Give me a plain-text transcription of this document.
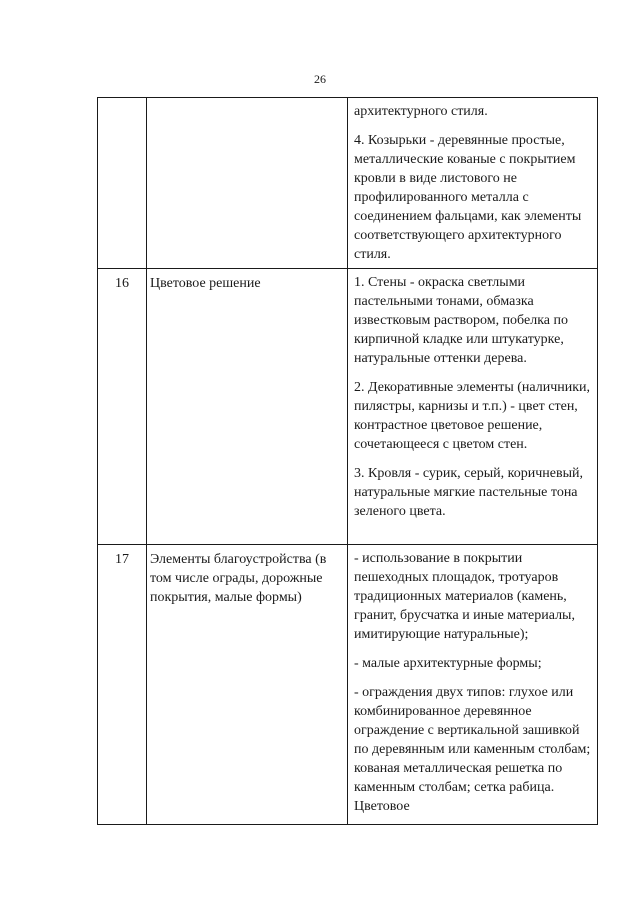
26

		архитектурного стиля.

4. Козырьки - деревянные простые, металлические кованые с покрытием кровли в виде листового не профилированного металла с соединением фальцами, как элементы соответствующего архитектурного стиля.

16	Цветовое решение	1. Стены - окраска светлыми пастельными тонами, обмазка известковым раствором, побелка по кирпичной кладке или штукатурке, натуральные оттенки дерева.

2. Декоративные элементы (наличники, пилястры, карнизы и т.п.) - цвет стен, контрастное цветовое решение, сочетающееся с цветом стен.

3. Кровля - сурик, серый, коричневый, натуральные мягкие пастельные тона зеленого цвета.

17	Элементы благоустройства (в том числе ограды, дорожные покрытия, малые формы)	- использование в покрытии пешеходных площадок, тротуаров традиционных материалов (камень, гранит, брусчатка и иные материалы, имитирующие натуральные);

- малые архитектурные формы;

- ограждения двух типов: глухое или комбинированное деревянное ограждение с вертикальной зашивкой по деревянным или каменным столбам; кованая металлическая решетка по каменным столбам; сетка рабица. Цветовое
